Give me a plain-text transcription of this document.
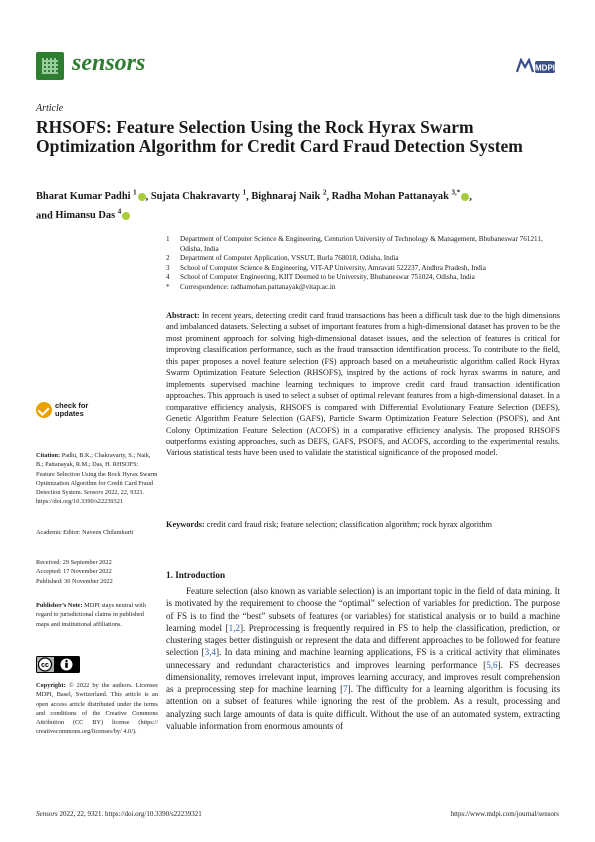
sensors	MDPI
Article
RHSOFS: Feature Selection Using the Rock Hyrax Swarm Optimization Algorithm for Credit Card Fraud Detection System
Bharat Kumar Padhi $^1$ , Sujata Chakravarty $^1$, Bighnaraj Naik $^2$, Radha Mohan Pattanayak $^{3,*}$ ,
and Himansu Das $^4$
1	Department of Computer Science & Engineering, Centurion University of Technology & Management, Bhubaneswar 761211, Odisha, India
2	Department of Computer Application, VSSUT, Burla 768018, Odisha, India
3	School of Computer Science & Engineering, VIT-AP University, Amravati 522237, Andhra Pradesh, India
4	School of Computer Engineering, KIIT Deemed to be University, Bhubaneswar 751024, Odisha, India
*	Correspondence: radhamohan.pattanayak@vitap.ac.in
Abstract: In recent years, detecting credit card fraud transactions has been a difficult task due to the high dimensions and imbalanced datasets. Selecting a subset of important features from a high-dimensional dataset has proven to be the most prominent approach for solving high-dimensional dataset issues, and the selection of features is critical for improving classification performance, such as the fraud transaction identification process. To contribute to the field, this paper proposes a novel feature selection (FS) approach based on a metaheuristic algorithm called Rock Hyrax Swarm Optimization Feature Selection (RHSOFS), inspired by the actions of rock hyrax swarms in nature, and implements supervised machine learning techniques to improve credit card fraud transaction identification approaches. This approach is used to select a subset of optimal relevant features from a high-dimensional dataset. In a comparative efficiency analysis, RHSOFS is compared with Differential Evolutionary Feature Selection (DEFS), Genetic Algorithm Feature Selection (GAFS), Particle Swarm Optimization Feature Selection (PSOFS), and Ant Colony Optimization Feature Selection (ACOFS) in a comparative efficiency analysis. The proposed RHSOFS outperforms existing approaches, such as DEFS, GAFS, PSOFS, and ACOFS, according to the experimental results. Various statistical tests have been used to validate the statistical significance of the proposed model.
Keywords: credit card fraud risk; feature selection; classification algorithm; rock hyrax algorithm
1. Introduction

Feature selection (also known as variable selection) is an important topic in the field of data mining. It is motivated by the requirement to choose the “optimal” selection of variables for prediction. The purpose of FS is to find the “best” subsets of features (or variables) for statistical analysis or to build a machine learning model [1,2]. Preprocessing is frequently required in FS to help the classification, prediction, or clustering stages better distinguish or represent the data and different approaches to be followed for feature selection [3,4]. In data mining and machine learning applications, FS is a critical activity that eliminates unnecessary and redundant characteristics and improves learning performance [5,6]. FS decreases dimensionality, removes irrelevant input, improves learning accuracy, and improves result comprehension as a preprocessing step for machine learning [7]. The difficulty for a learning algorithm is focusing its attention on a subset of features while ignoring the rest of the problem. As a result, processing and analyzing such large amounts of data is quite difficult. Without the use of an automated system, extracting valuable information from enormous amounts of

check for
updates
Citation: Padhi, B.K.; Chakravarty, S.; Naik, B.; Pattanayak, R.M.; Das, H. RHSOFS: Feature Selection Using the Rock Hyrax Swarm Optimization Algorithm for Credit Card Fraud Detection System. Sensors 2022, 22, 9321. https://doi.org/10.3390/s22239321
Academic Editor: Naveen Chilamkurti
Received: 29 September 2022
Accepted: 17 November 2022
Published: 30 November 2022
Publisher’s Note: MDPI stays neutral with regard to jurisdictional claims in published maps and institutional affiliations.
cc
Copyright: © 2022 by the authors. Licensee MDPI, Basel, Switzerland. This article is an open access article distributed under the terms and conditions of the Creative Commons Attribution (CC BY) license (https:// creativecommons.org/licenses/by/ 4.0/).
Sensors 2022, 22, 9321. https://doi.org/10.3390/s22239321	https://www.mdpi.com/journal/sensors
